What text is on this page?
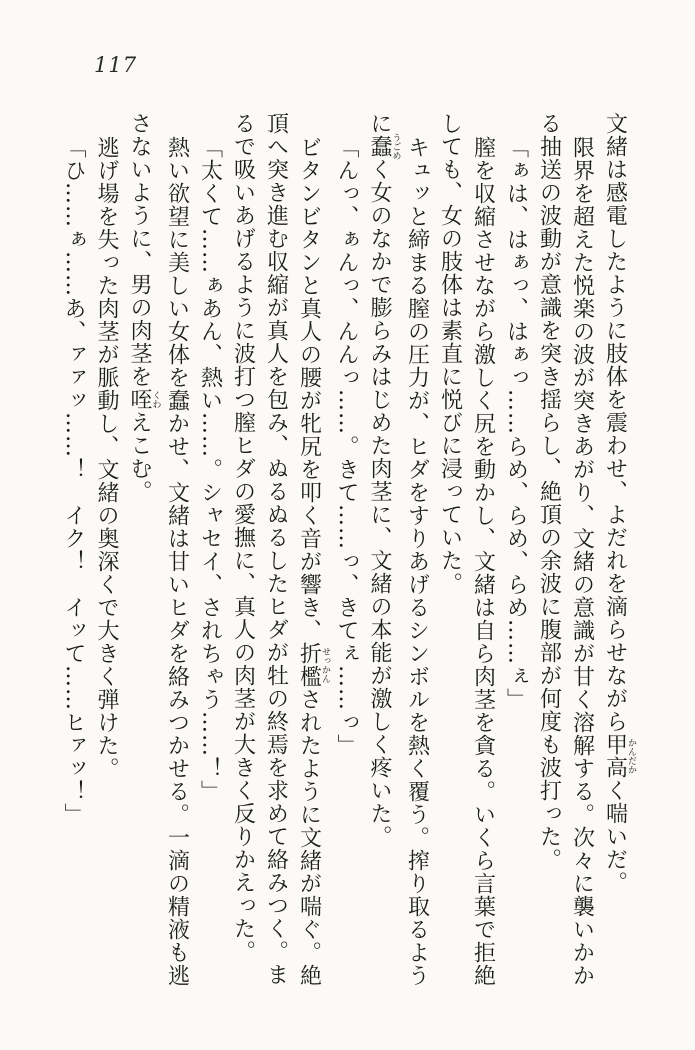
117
文緒は感電したように肢体を震わせ、よだれを滴らせながら甲高かんだかく喘いだ。
限界を超えた悦楽の波が突きあがり、文緒の意識が甘く溶解する。次々に襲いかか
る抽送の波動が意識を突き揺らし、絶頂の余波に腹部が何度も波打った。
「ぁは、はぁっ、はぁっ……らめ、らめ、らめ……ぇ」
膣を収縮させながら激しく尻を動かし、文緒は自ら肉茎を貪る。いくら言葉で拒絶
しても、女の肢体は素直に悦びに浸っていた。
キュッと締まる膣の圧力が、ヒダをすりあげるシンボルを熱く覆う。搾り取るよう
に蠢うごめく女のなかで膨らみはじめた肉茎に、文緒の本能が激しく疼いた。
「んっ、ぁんっ、んんっ……。きて……っ、きてぇ……っ」
ビタンビタンと真人の腰が牝尻を叩く音が響き、折檻せっかんされたように文緒が喘ぐ。絶
頂へ突き進む収縮が真人を包み、ぬるぬるしたヒダが牡の終焉を求めて絡みつく。ま
るで吸いあげるように波打つ膣ヒダの愛撫に、真人の肉茎が大きく反りかえった。
「太くて……ぁあん、熱い……。シャセイ、されちゃう……！」
熱い欲望に美しい女体を蠢かせ、文緒は甘いヒダを絡みつかせる。一滴の精液も逃
さないように、男の肉茎を咥くわえこむ。
逃げ場を失った肉茎が脈動し、文緒の奥深くで大きく弾けた。
「ひ……ぁ……あ、ァァッ……！　イク！　イッて……ヒァッ！」
